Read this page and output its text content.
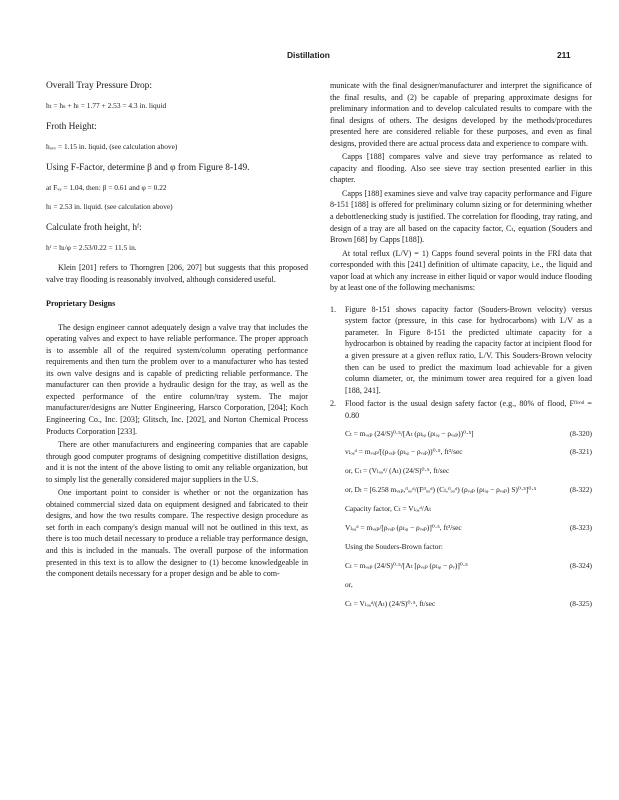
Distillation	211

Overall Tray Pressure Drop:

hₜ = hₛ + hₗ = 1.77 + 2.53 = 4.3 in. liquid

Froth Height:

hₒᵥᵥ = 1.15 in. liquid, (see calculation above)

Using F-Factor, determine β and φ from Figure 8-149.

at Fᵥₐ = 1.04, then: β = 0.61 and φ = 0.22

hₗ = 2.53 in. liquid. (see calculation above)

Calculate froth height, hᶠ:

hᶠ = hₗ/φ = 2.53/0.22 = 11.5 in.

Klein [201] refers to Thorngren [206, 207] but suggests that this proposed valve tray flooding is reasonably involved, although considered useful.

Proprietary Designs

The design engineer cannot adequately design a valve tray that includes the operating valves and expect to have reliable performance. The proper approach is to assemble all of the required system/column operating performance requirements and then turn the problem over to a manufacturer who has tested its own valve designs and is capable of predicting reliable performance. The manufacturer can then provide a hydraulic design for the tray, as well as the expected performance of the entire column/tray system. The major manufacturer/designs are Nutter Engineering, Harsco Corporation, [204]; Koch Engineering Co., Inc. [203]; Glitsch, Inc. [202], and Norton Chemical Process Products Corporation [233].

There are other manufacturers and engineering companies that are capable through good computer programs of designing competitive distillation designs, and it is not the intent of the above listing to omit any reliable organization, but to simply list the generally considered major suppliers in the U.S.

One important point to consider is whether or not the organization has obtained commercial sized data on equipment designed and fabricated to their designs, and how the two results compare. The respective design procedure as set forth in each company's design manual will not be outlined in this text, as there is too much detail necessary to produce a reliable tray performance design, and this is included in the manuals. The overall purpose of the information presented in this text is to allow the designer to (1) become knowledgeable in the component details necessary for a proper design and be able to com-

municate with the final designer/manufacturer and interpret the significance of the final results, and (2) be capable of preparing approximate designs for preliminary information and to develop calculated results to compare with the final designs of others. The designs developed by the methods/procedures presented here are considered reliable for these purposes, and even as final designs, provided there are actual process data and experience to compare with.

Capps [188] compares valve and sieve tray performance as related to capacity and flooding. Also see sieve tray section presented earlier in this chapter.

Capps [188] examines sieve and valve tray capacity performance and Figure 8-151 [188] is offered for preliminary column sizing or for determining whether a debottlenecking study is justified. The correlation for flooding, tray rating, and design of a tray are all based on the capacity factor, Cₜ, equation (Souders and Brown [68] by Capps [188]).

At total reflux (L/V) = 1) Capps found several points in the FRI data that corresponded with this [241] definition of ultimate capacity, i.e., the liquid and vapor load at which any increase in either liquid or vapor would induce flooding by at least one of the following mechanisms:

1. Figure 8-151 shows capacity factor (Souders-Brown velocity) versus system factor (pressure, in this case for hydrocarbons) with L/V as a parameter. In Figure 8-151 the predicted ultimate capacity for a hydrocarbon is obtained by reading the capacity factor at incipient flood for a given pressure at a given reflux ratio, L/V. This Souders-Brown velocity then can be used to predict the maximum load achievable for a given column diameter, or, the minimum tower area required for a given load [188, 241].

2. Flood factor is the usual design safety factor (e.g., 80% of flood, Fᶠˡᵒᵒᵈ = 0.80

Cₜ = mᵥₐₚ (24/S)⁰·⁵/[Aₜ (ρₗᵢᵩ (ρₗᵢᵩ − ρᵥₐₚ))⁰·⁵]	(8-320)
vₗₒₐᵈ = mᵥₐₚ/[(ρᵥₐₚ (ρₗᵢᵩ − ρᵥₐₚ))⁰·⁵, ft³/sec	(8-321)

or, Cₜ = (Vₗₒₐᵈ/ (Aₜ) (24/S)⁰·⁵, ft/sec

or, Dₜ = [6.258 mᵥₐₚ,ᶠˡₒₒᵈ/(Fᶠˡₒₒᵈ) (Cₜ,ᶠˡₒₒᵈ) (ρᵥₐₚ (ρₗᵢᵩ − ρᵥₐₚ) S)⁰·⁵]⁰·⁵	(8-322)

Capacity factor, Cₜ = Vₗₒₐᵈ/Aₜ

Vₗₒₐᵈ = mᵥₐₚ/[ρᵥₐₚ (ρₗᵢᵩ − ρᵥₐₚ)]⁰·⁵, ft³/sec	(8-323)

Using the Souders-Brown factor:

Cₜ = mᵥₐₚ (24/S)⁰·⁵/[Aₜ [ρᵥₐₚ (ρₗᵢᵩ − ρᵥ)]⁰·⁵	(8-324)

or,

Cₜ = Vₗₒₐᵈ/(Aₜ) (24/S)⁰·⁵, ft/sec	(8-325)
